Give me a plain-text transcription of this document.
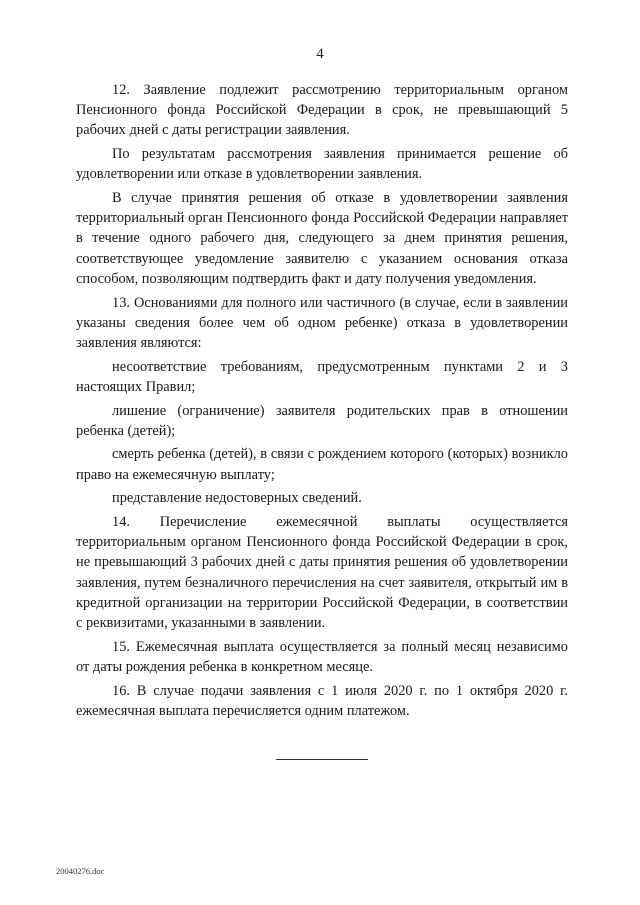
4

12. Заявление подлежит рассмотрению территориальным органом Пенсионного фонда Российской Федерации в срок, не превышающий 5 рабочих дней с даты регистрации заявления.

По результатам рассмотрения заявления принимается решение об удовлетворении или отказе в удовлетворении заявления.

В случае принятия решения об отказе в удовлетворении заявления территориальный орган Пенсионного фонда Российской Федерации направляет в течение одного рабочего дня, следующего за днем принятия решения, соответствующее уведомление заявителю с указанием основания отказа способом, позволяющим подтвердить факт и дату получения уведомления.

13. Основаниями для полного или частичного (в случае, если в заявлении указаны сведения более чем об одном ребенке) отказа в удовлетворении заявления являются:

несоответствие требованиям, предусмотренным пунктами 2 и 3 настоящих Правил;

лишение (ограничение) заявителя родительских прав в отношении ребенка (детей);

смерть ребенка (детей), в связи с рождением которого (которых) возникло право на ежемесячную выплату;

представление недостоверных сведений.

14. Перечисление ежемесячной выплаты осуществляется территориальным органом Пенсионного фонда Российской Федерации в срок, не превышающий 3 рабочих дней с даты принятия решения об удовлетворении заявления, путем безналичного перечисления на счет заявителя, открытый им в кредитной организации на территории Российской Федерации, в соответствии с реквизитами, указанными в заявлении.

15. Ежемесячная выплата осуществляется за полный месяц независимо от даты рождения ребенка в конкретном месяце.

16. В случае подачи заявления с 1 июля 2020 г. по 1 октября 2020 г. ежемесячная выплата перечисляется одним платежом.

20040276.doc
